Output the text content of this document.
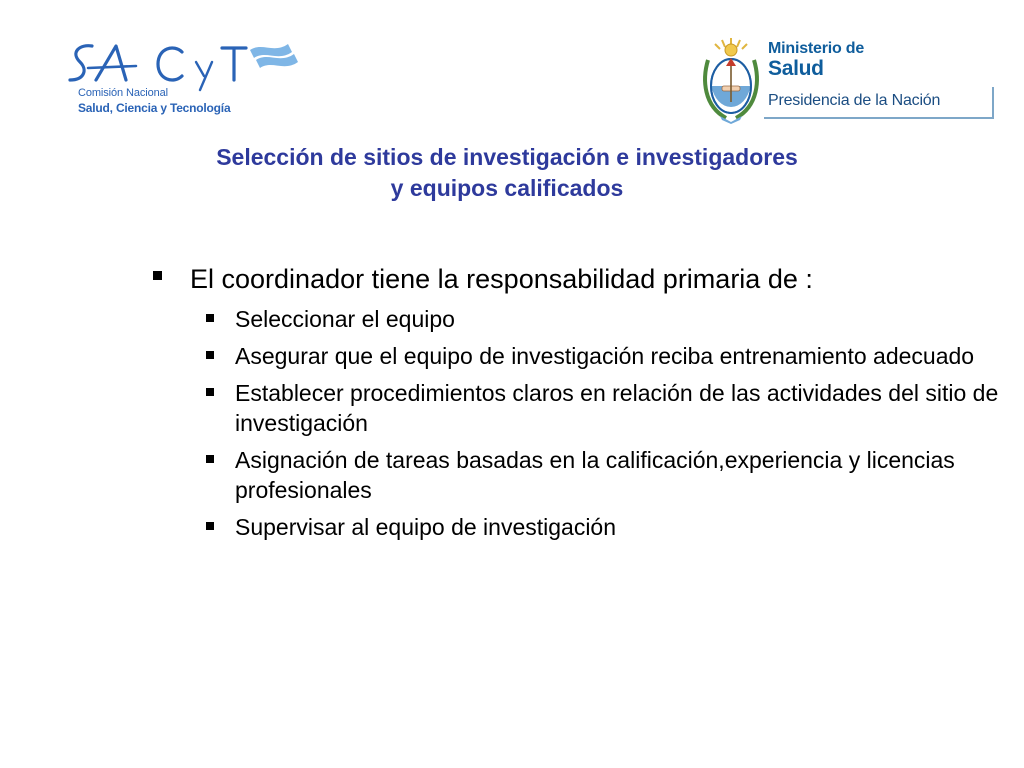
Comisión Nacional
Salud, Ciencia y Tecnología
Ministerio de
Salud
Presidencia de la Nación
Selección de sitios de investigación e investigadores
y equipos calificados
El coordinador tiene la responsabilidad primaria de :
Seleccionar el equipo
Asegurar que el equipo de investigación reciba entrenamiento adecuado
Establecer procedimientos claros en relación de las actividades del sitio de investigación
Asignación de tareas basadas en la calificación,experiencia y licencias profesionales
Supervisar al equipo de investigación
